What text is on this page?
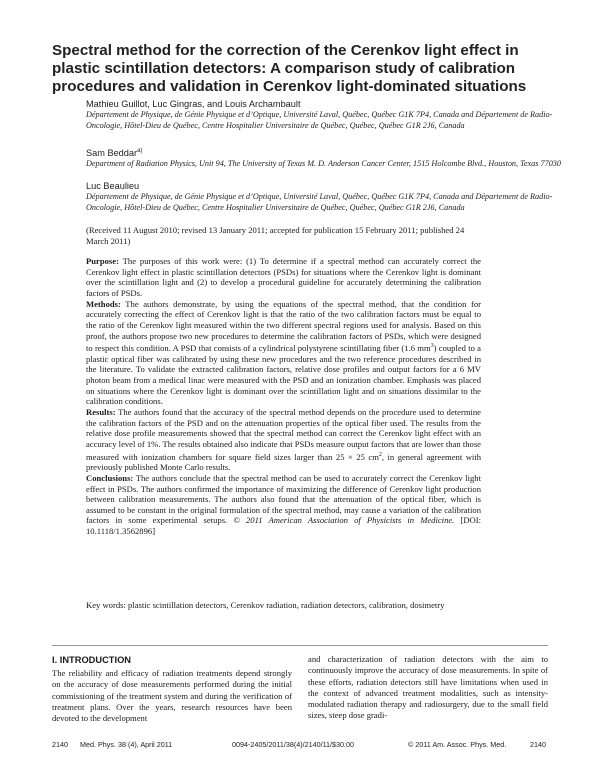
Spectral method for the correction of the Cerenkov light effect in plastic scintillation detectors: A comparison study of calibration procedures and validation in Cerenkov light-dominated situations
Mathieu Guillot, Luc Gingras, and Louis Archambault
Département de Physique, de Génie Physique et d’Optique, Université Laval, Québec, Québec G1K 7P4, Canada and Département de Radio-Oncologie, Hôtel-Dieu de Québec, Centre Hospitalier Universitaire de Québec, Québec, Québec G1R 2J6, Canada
Sam Beddar$^{a)}$
Department of Radiation Physics, Unit 94, The University of Texas M. D. Anderson Cancer Center, 1515 Holcombe Blvd., Houston, Texas 77030
Luc Beaulieu
Département de Physique, de Génie Physique et d’Optique, Université Laval, Québec, Québec G1K 7P4, Canada and Département de Radio-Oncologie, Hôtel-Dieu de Québec, Centre Hospitalier Universitaire de Québec, Québec, Québec G1R 2J6, Canada
(Received 11 August 2010; revised 13 January 2011; accepted for publication 15 February 2011; published 24 March 2011)

Purpose: The purposes of this work were: (1) To determine if a spectral method can accurately correct the Cerenkov light effect in plastic scintillation detectors (PSDs) for situations where the Cerenkov light is dominant over the scintillation light and (2) to develop a procedural guideline for accurately determining the calibration factors of PSDs.

Methods: The authors demonstrate, by using the equations of the spectral method, that the condition for accurately correcting the effect of Cerenkov light is that the ratio of the two calibration factors must be equal to the ratio of the Cerenkov light measured within the two different spectral regions used for analysis. Based on this proof, the authors propose two new procedures to determine the calibration factors of PSDs, which were designed to respect this condition. A PSD that consists of a cylindrical polystyrene scintillating fiber (1.6 $mm^3$) coupled to a plastic optical fiber was calibrated by using these new procedures and the two reference procedures described in the literature. To validate the extracted calibration factors, relative dose profiles and output factors for a 6 MV photon beam from a medical linac were measured with the PSD and an ionization chamber. Emphasis was placed on situations where the Cerenkov light is dominant over the scintillation light and on situations dissimilar to the calibration conditions.

Results: The authors found that the accuracy of the spectral method depends on the procedure used to determine the calibration factors of the PSD and on the attenuation properties of the optical fiber used. The results from the relative dose profile measurements showed that the spectral method can correct the Cerenkov light effect with an accuracy level of 1%. The results obtained also indicate that PSDs measure output factors that are lower than those measured with ionization chambers for square field sizes larger than 25 × 25 $cm^2$, in general agreement with previously published Monte Carlo results.

Conclusions: The authors conclude that the spectral method can be used to accurately correct the Cerenkov light effect in PSDs. The authors confirmed the importance of maximizing the difference of Cerenkov light production between calibration measurements. The authors also found that the attenuation of the optical fiber, which is assumed to be constant in the original formulation of the spectral method, may cause a variation of the calibration factors in some experimental setups. © 2011 American Association of Physicists in Medicine. [DOI: 10.1118/1.3562896]

Key words: plastic scintillation detectors, Cerenkov radiation, radiation detectors, calibration, dosimetry
I. INTRODUCTION
The reliability and efficacy of radiation treatments depend strongly on the accuracy of dose measurements performed during the initial commissioning of the treatment system and during the verification of treatment plans. Over the years, research resources have been devoted to the development
and characterization of radiation detectors with the aim to continuously improve the accuracy of dose measurements. In spite of these efforts, radiation detectors still have limitations when used in the context of advanced treatment modalities, such as intensity-modulated radiation therapy and radiosurgery, due to the small field sizes, steep dose gradi-
2140 Med. Phys. 38 (4), April 2011	0094-2405/2011/38(4)/2140/11/$30.00	© 2011 Am. Assoc. Phys. Med.	2140
